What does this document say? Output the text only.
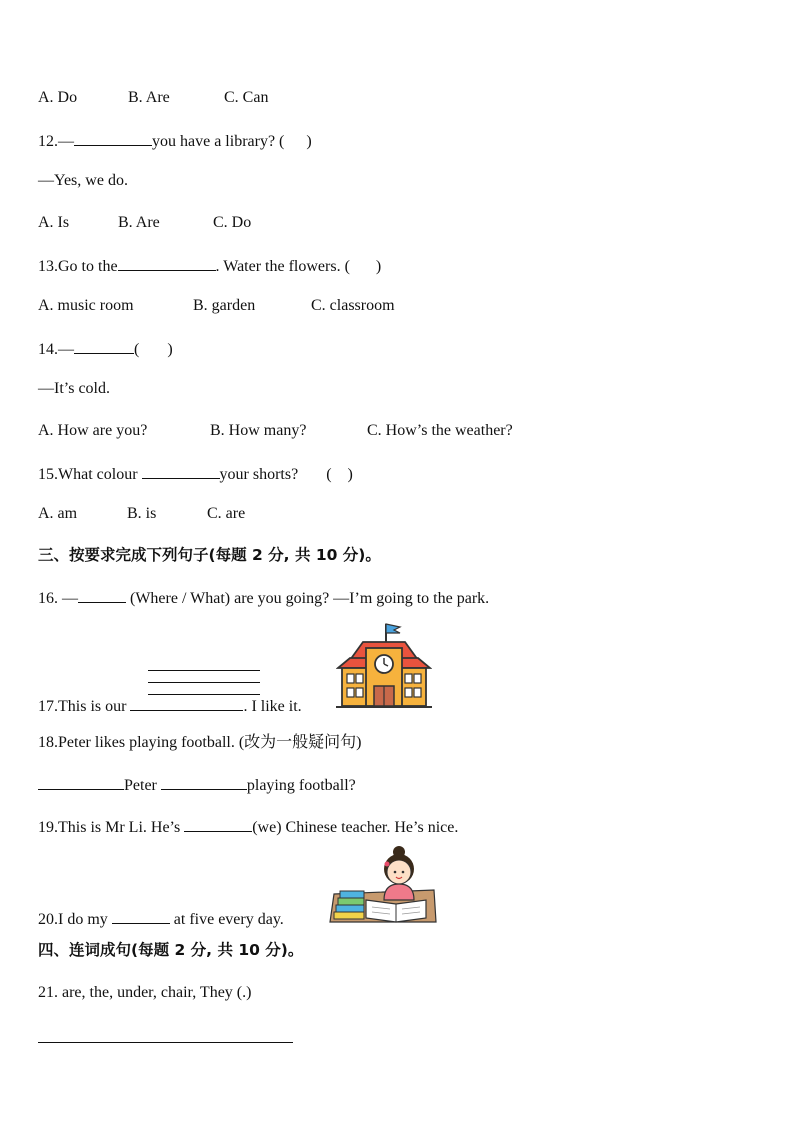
A. Do	B. Are	C. Can
12.—	you have a library? ( )
—Yes, we do.
A. Is	B. Are	C. Do
13.Go to the	. Water the flowers. ( )
A. music room	B. garden	C. classroom
14.—	( )
—It’s cold.
A. How are you?	B. How many?	C. How’s the weather?
15.What colour	your shorts? (    )
A. am	B. is	C. are
三、按要求完成下列句子(每题 2 分, 共 10 分)。
16. —	(Where / What) are you going? —I’m going to the park.
17.This is our	. I like it.
18.Peter likes playing football. (改为一般疑问句)
Peter	playing football?
19.This is Mr Li. He’s	(we) Chinese teacher. He’s nice.
20.I do my	at five every day.
四、连词成句(每题 2 分, 共 10 分)。
21. are, the, under, chair, They (.)
